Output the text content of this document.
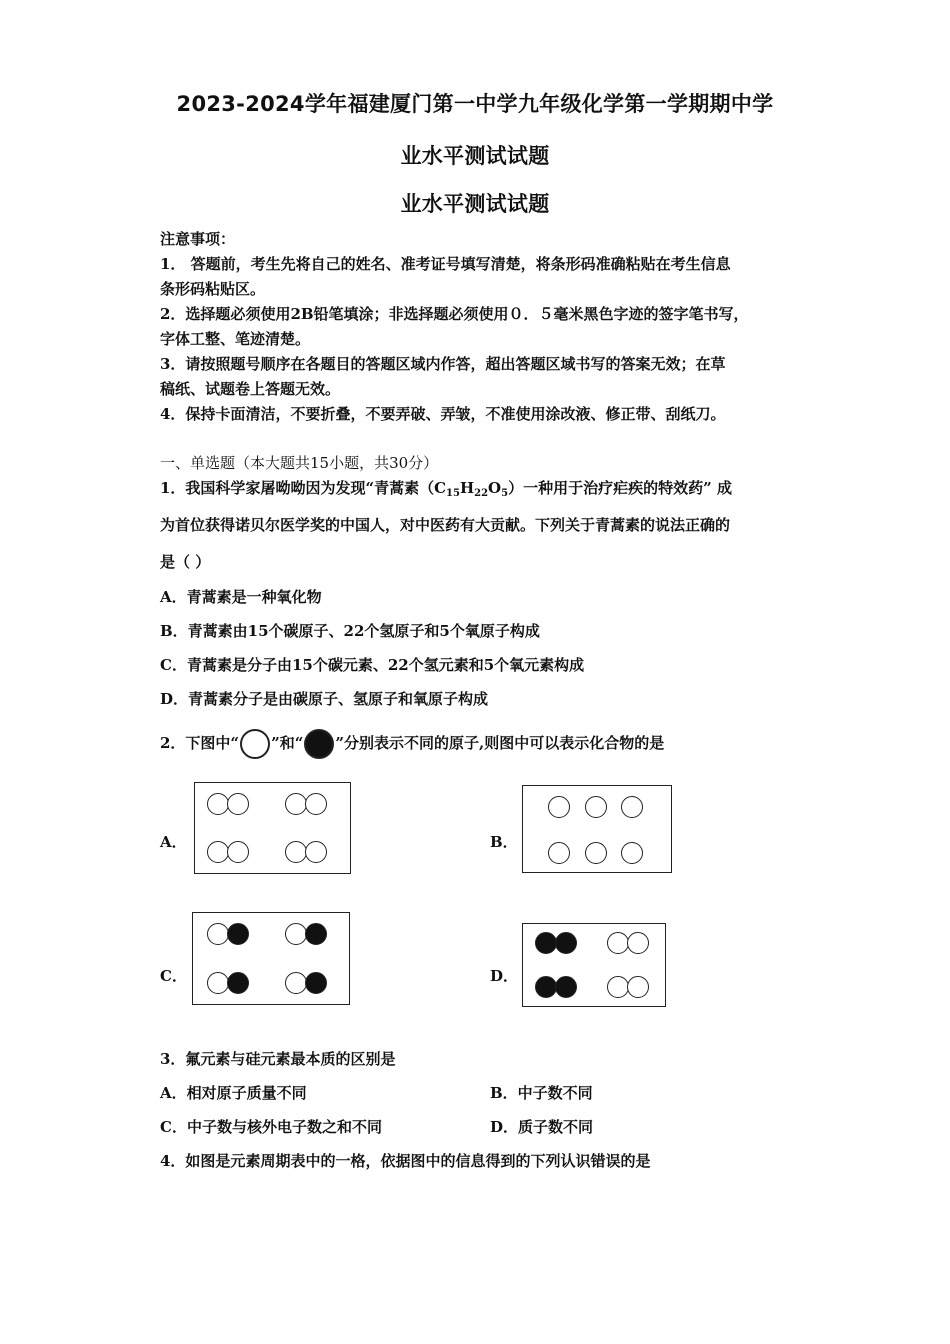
2023-2024学年福建厦门第一中学九年级化学第一学期期中学
业水平测试试题
业水平测试试题
注意事项：
1． 答题前，考生先将自己的姓名、准考证号填写清楚，将条形码准确粘贴在考生信息
条形码粘贴区。
2．选择题必须使用2B铅笔填涂；非选择题必须使用０．５毫米黑色字迹的签字笔书写，
字体工整、笔迹清楚。
3．请按照题号顺序在各题目的答题区域内作答，超出答题区域书写的答案无效；在草
稿纸、试题卷上答题无效。
4．保持卡面清洁，不要折叠，不要弄破、弄皱，不准使用涂改液、修正带、刮纸刀。
一、单选题（本大题共15小题，共30分）
1．我国科学家屠呦呦因为发现“青蒿素$(C_{15}H_{22}O_5)$一种用于治疗疟疾的特效药” 成
为首位获得诺贝尔医学奖的中国人，对中医药有大贡献。下列关于青蒿素的说法正确的
是（ ）
A．青蒿素是一种氧化物
B．青蒿素由15个碳原子、22个氢原子和5个氧原子构成
C．青蒿素是分子由15个碳元素、22个氢元素和5个氧元素构成
D．青蒿素分子是由碳原子、氢原子和氧原子构成
2．下图中“ ”和“ ”分别表示不同的原子,则图中可以表示化合物的是
A．	B．
C．	D．
3．氟元素与硅元素最本质的区别是
A．相对原子质量不同	B．中子数不同
C．中子数与核外电子数之和不同	D．质子数不同
4．如图是元素周期表中的一格，依据图中的信息得到的下列认识错误的是
